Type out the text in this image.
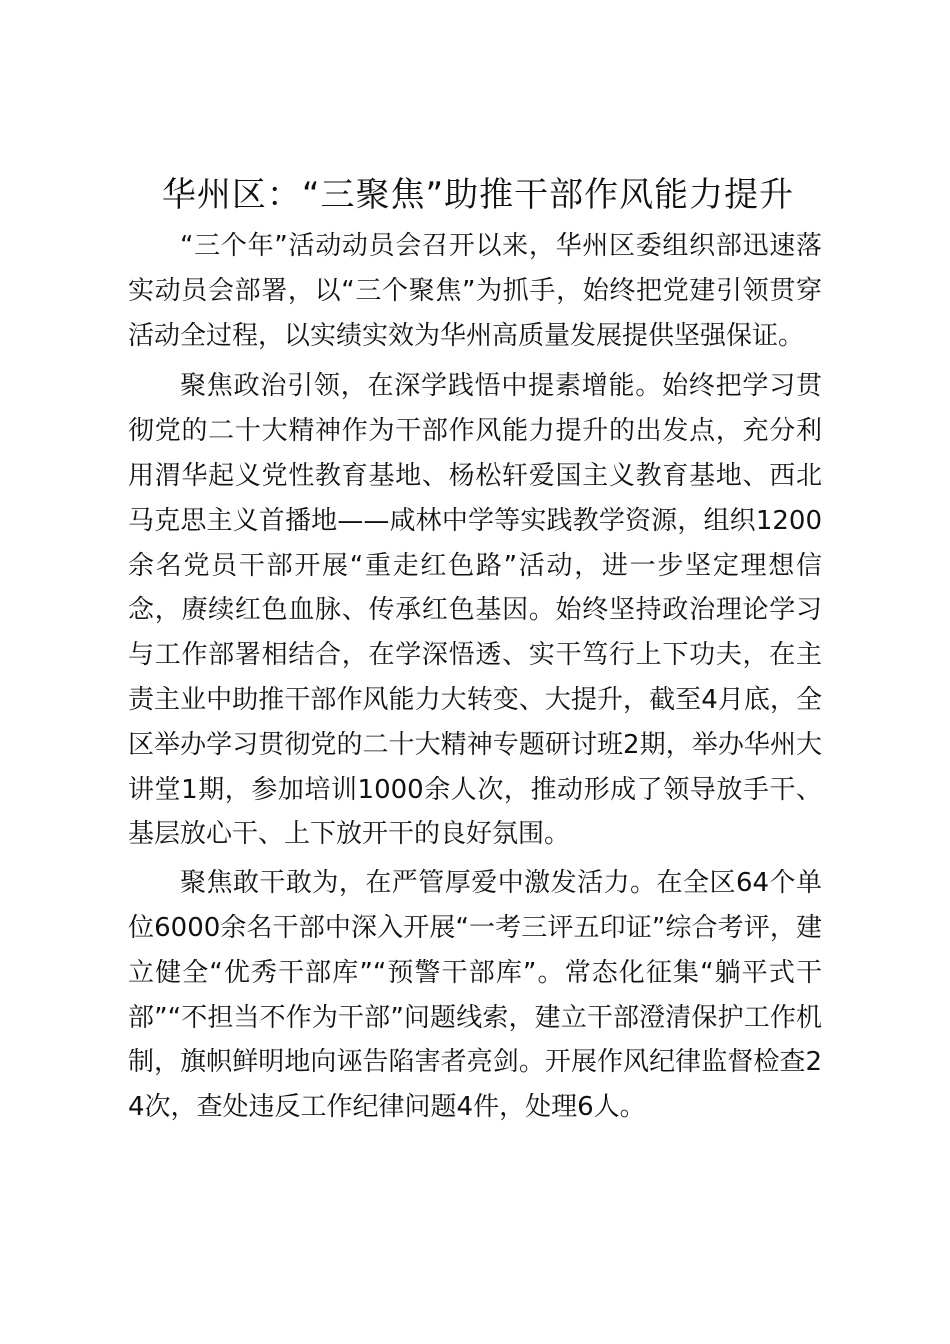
华州区：“三聚焦”助推干部作风能力提升

“三个年”活动动员会召开以来，华州区委组织部迅速落实动员会部署，以“三个聚焦”为抓手，始终把党建引领贯穿活动全过程，以实绩实效为华州高质量发展提供坚强保证。

聚焦政治引领，在深学践悟中提素增能。始终把学习贯彻党的二十大精神作为干部作风能力提升的出发点，充分利用渭华起义党性教育基地、杨松轩爱国主义教育基地、西北马克思主义首播地——咸林中学等实践教学资源，组织1200余名党员干部开展“重走红色路”活动，进一步坚定理想信念，赓续红色血脉、传承红色基因。始终坚持政治理论学习与工作部署相结合，在学深悟透、实干笃行上下功夫，在主责主业中助推干部作风能力大转变、大提升，截至4月底，全区举办学习贯彻党的二十大精神专题研讨班2期，举办华州大讲堂1期，参加培训1000余人次，推动形成了领导放手干、基层放心干、上下放开干的良好氛围。

聚焦敢干敢为，在严管厚爱中激发活力。在全区64个单位6000余名干部中深入开展“一考三评五印证”综合考评，建立健全“优秀干部库”“预警干部库”。常态化征集“躺平式干部”“不担当不作为干部”问题线索，建立干部澄清保护工作机制，旗帜鲜明地向诬告陷害者亮剑。开展作风纪律监督检查24次，查处违反工作纪律问题4件，处理6人。
